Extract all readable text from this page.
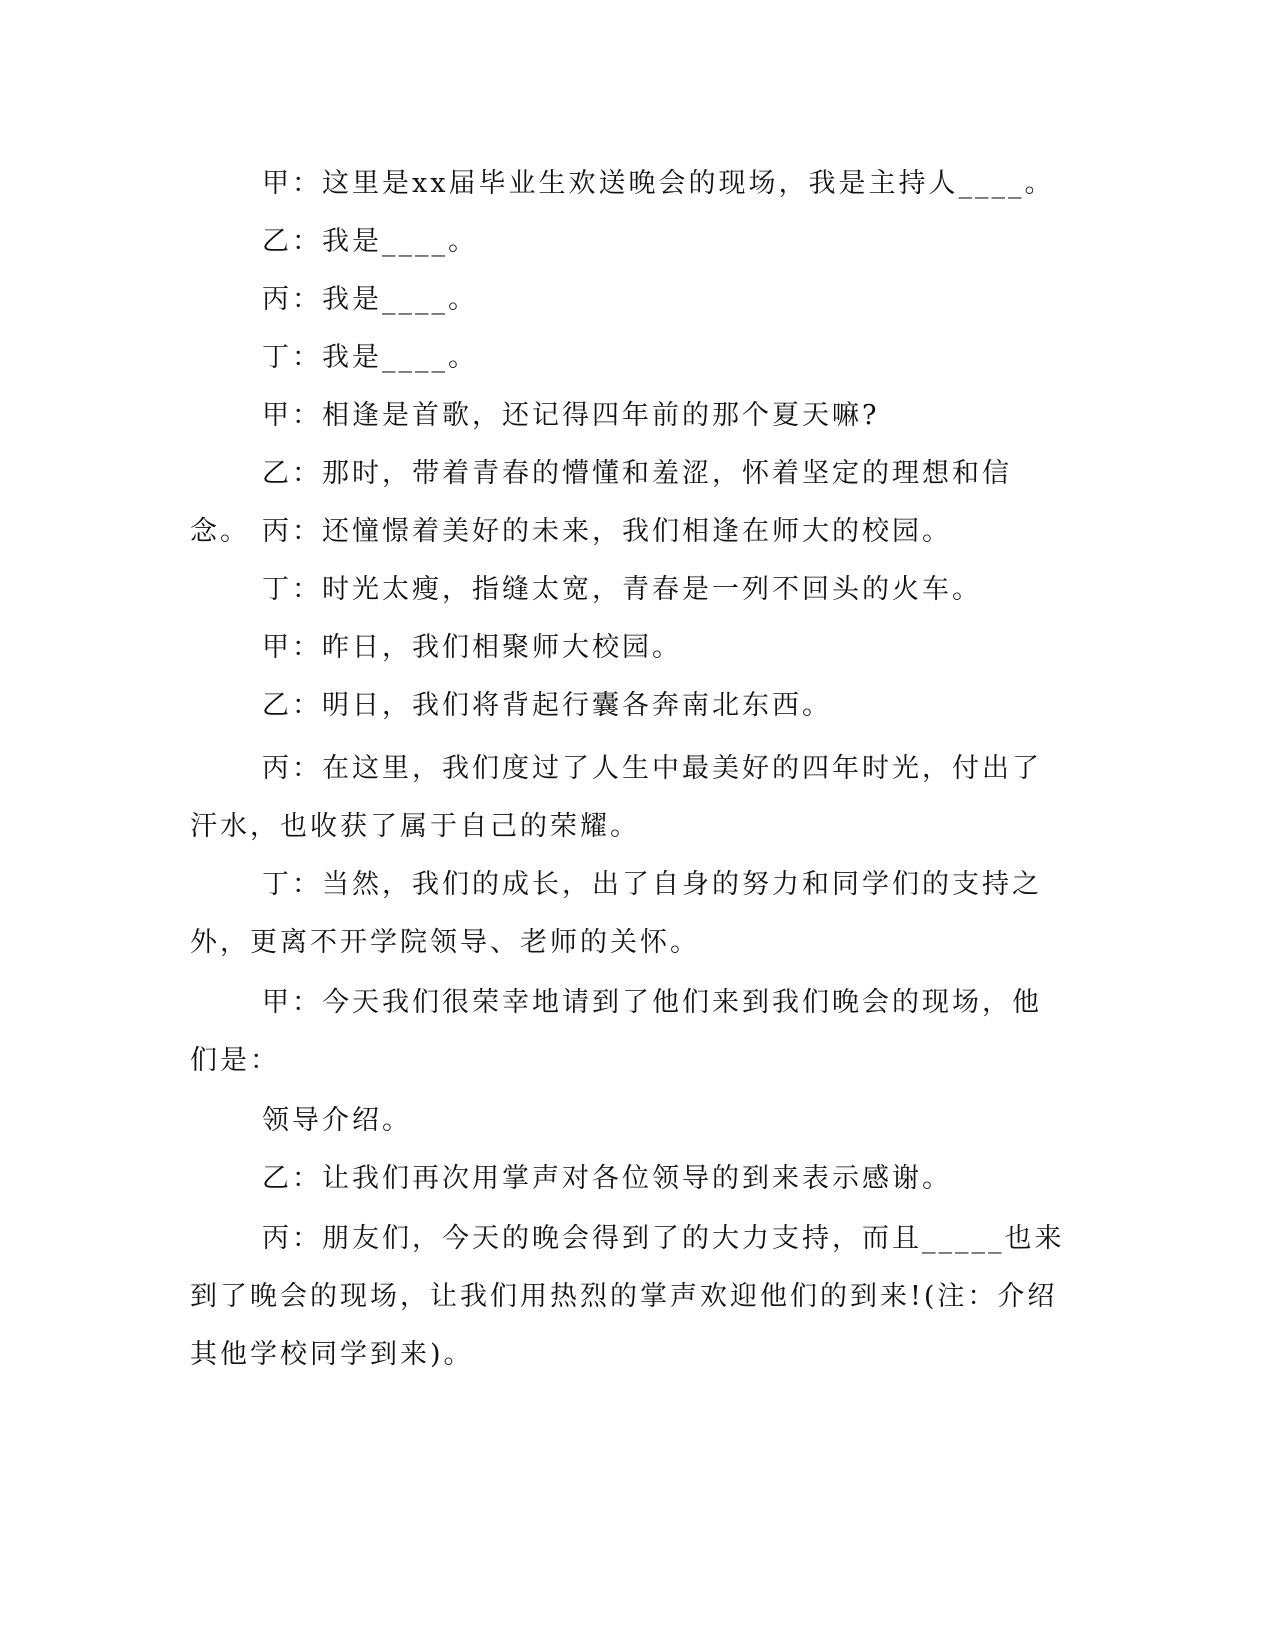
甲：这里是xx届毕业生欢送晚会的现场，我是主持人____。

乙：我是____。

丙：我是____。

丁：我是____。

甲：相逢是首歌，还记得四年前的那个夏天嘛?

乙：那时，带着青春的懵懂和羞涩，怀着坚定的理想和信念。 丙：还憧憬着美好的未来，我们相逢在师大的校园。

丁：时光太瘦，指缝太宽，青春是一列不回头的火车。

甲：昨日，我们相聚师大校园。

乙：明日，我们将背起行囊各奔南北东西。

丙：在这里，我们度过了人生中最美好的四年时光，付出了汗水，也收获了属于自己的荣耀。

丁：当然，我们的成长，出了自身的努力和同学们的支持之外，更离不开学院领导、老师的关怀。

甲：今天我们很荣幸地请到了他们来到我们晚会的现场，他们是：

领导介绍。

乙：让我们再次用掌声对各位领导的到来表示感谢。

丙：朋友们，今天的晚会得到了的大力支持，而且_____也来到了晚会的现场，让我们用热烈的掌声欢迎他们的到来!(注：介绍其他学校同学到来)。
